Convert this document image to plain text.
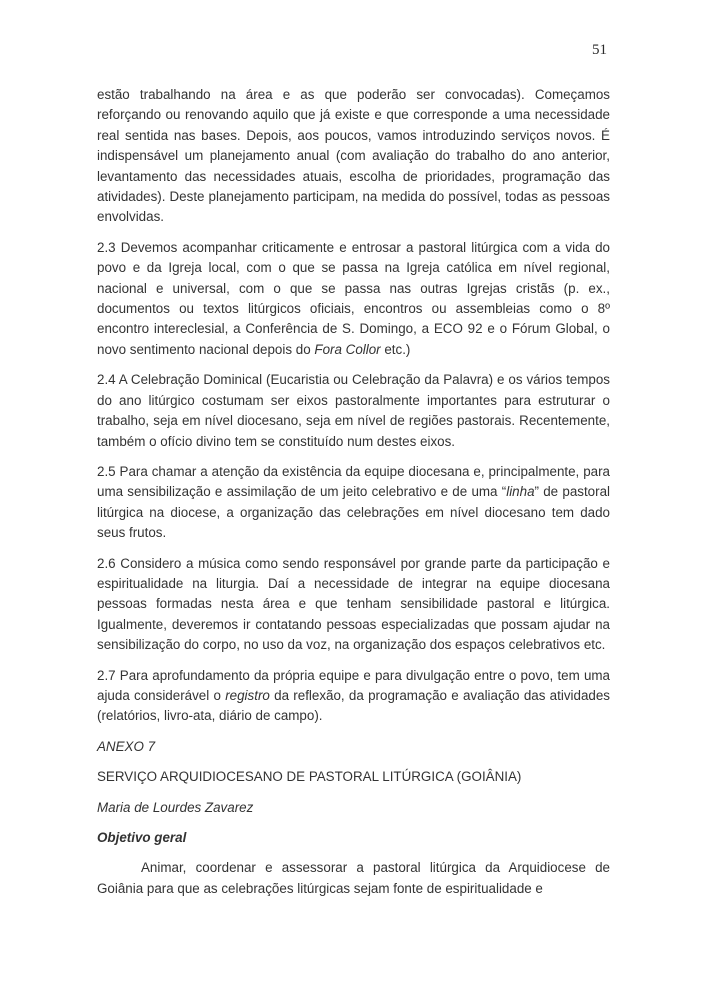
51

estão trabalhando na área e as que poderão ser convocadas). Começamos reforçando ou renovando aquilo que já existe e que corresponde a uma necessidade real sentida nas bases. Depois, aos poucos, vamos introduzindo serviços novos. É indispensável um planejamento anual (com avaliação do trabalho do ano anterior, levantamento das necessidades atuais, escolha de prioridades, programação das atividades). Deste planejamento participam, na medida do possível, todas as pessoas envolvidas.

2.3 Devemos acompanhar criticamente e entrosar a pastoral litúrgica com a vida do povo e da Igreja local, com o que se passa na Igreja católica em nível regional, nacional e universal, com o que se passa nas outras Igrejas cristãs (p. ex., documentos ou textos litúrgicos oficiais, encontros ou assembleias como o 8º encontro intereclesial, a Conferência de S. Domingo, a ECO 92 e o Fórum Global, o novo sentimento nacional depois do Fora Collor etc.)

2.4 A Celebração Dominical (Eucaristia ou Celebração da Palavra) e os vários tempos do ano litúrgico costumam ser eixos pastoralmente importantes para estruturar o trabalho, seja em nível diocesano, seja em nível de regiões pastorais. Recentemente, também o ofício divino tem se constituído num destes eixos.

2.5 Para chamar a atenção da existência da equipe diocesana e, principalmente, para uma sensibilização e assimilação de um jeito celebrativo e de uma “linha” de pastoral litúrgica na diocese, a organização das celebrações em nível diocesano tem dado seus frutos.

2.6 Considero a música como sendo responsável por grande parte da participação e espiritualidade na liturgia. Daí a necessidade de integrar na equipe diocesana pessoas formadas nesta área e que tenham sensibilidade pastoral e litúrgica. Igualmente, deveremos ir contatando pessoas especializadas que possam ajudar na sensibilização do corpo, no uso da voz, na organização dos espaços celebrativos etc.

2.7 Para aprofundamento da própria equipe e para divulgação entre o povo, tem uma ajuda considerável o registro da reflexão, da programação e avaliação das atividades (relatórios, livro-ata, diário de campo).

ANEXO 7

SERVIÇO ARQUIDIOCESANO DE PASTORAL LITÚRGICA (GOIÂNIA)

Maria de Lourdes Zavarez

Objetivo geral

Animar, coordenar e assessorar a pastoral litúrgica da Arquidiocese de Goiânia para que as celebrações litúrgicas sejam fonte de espiritualidade e
